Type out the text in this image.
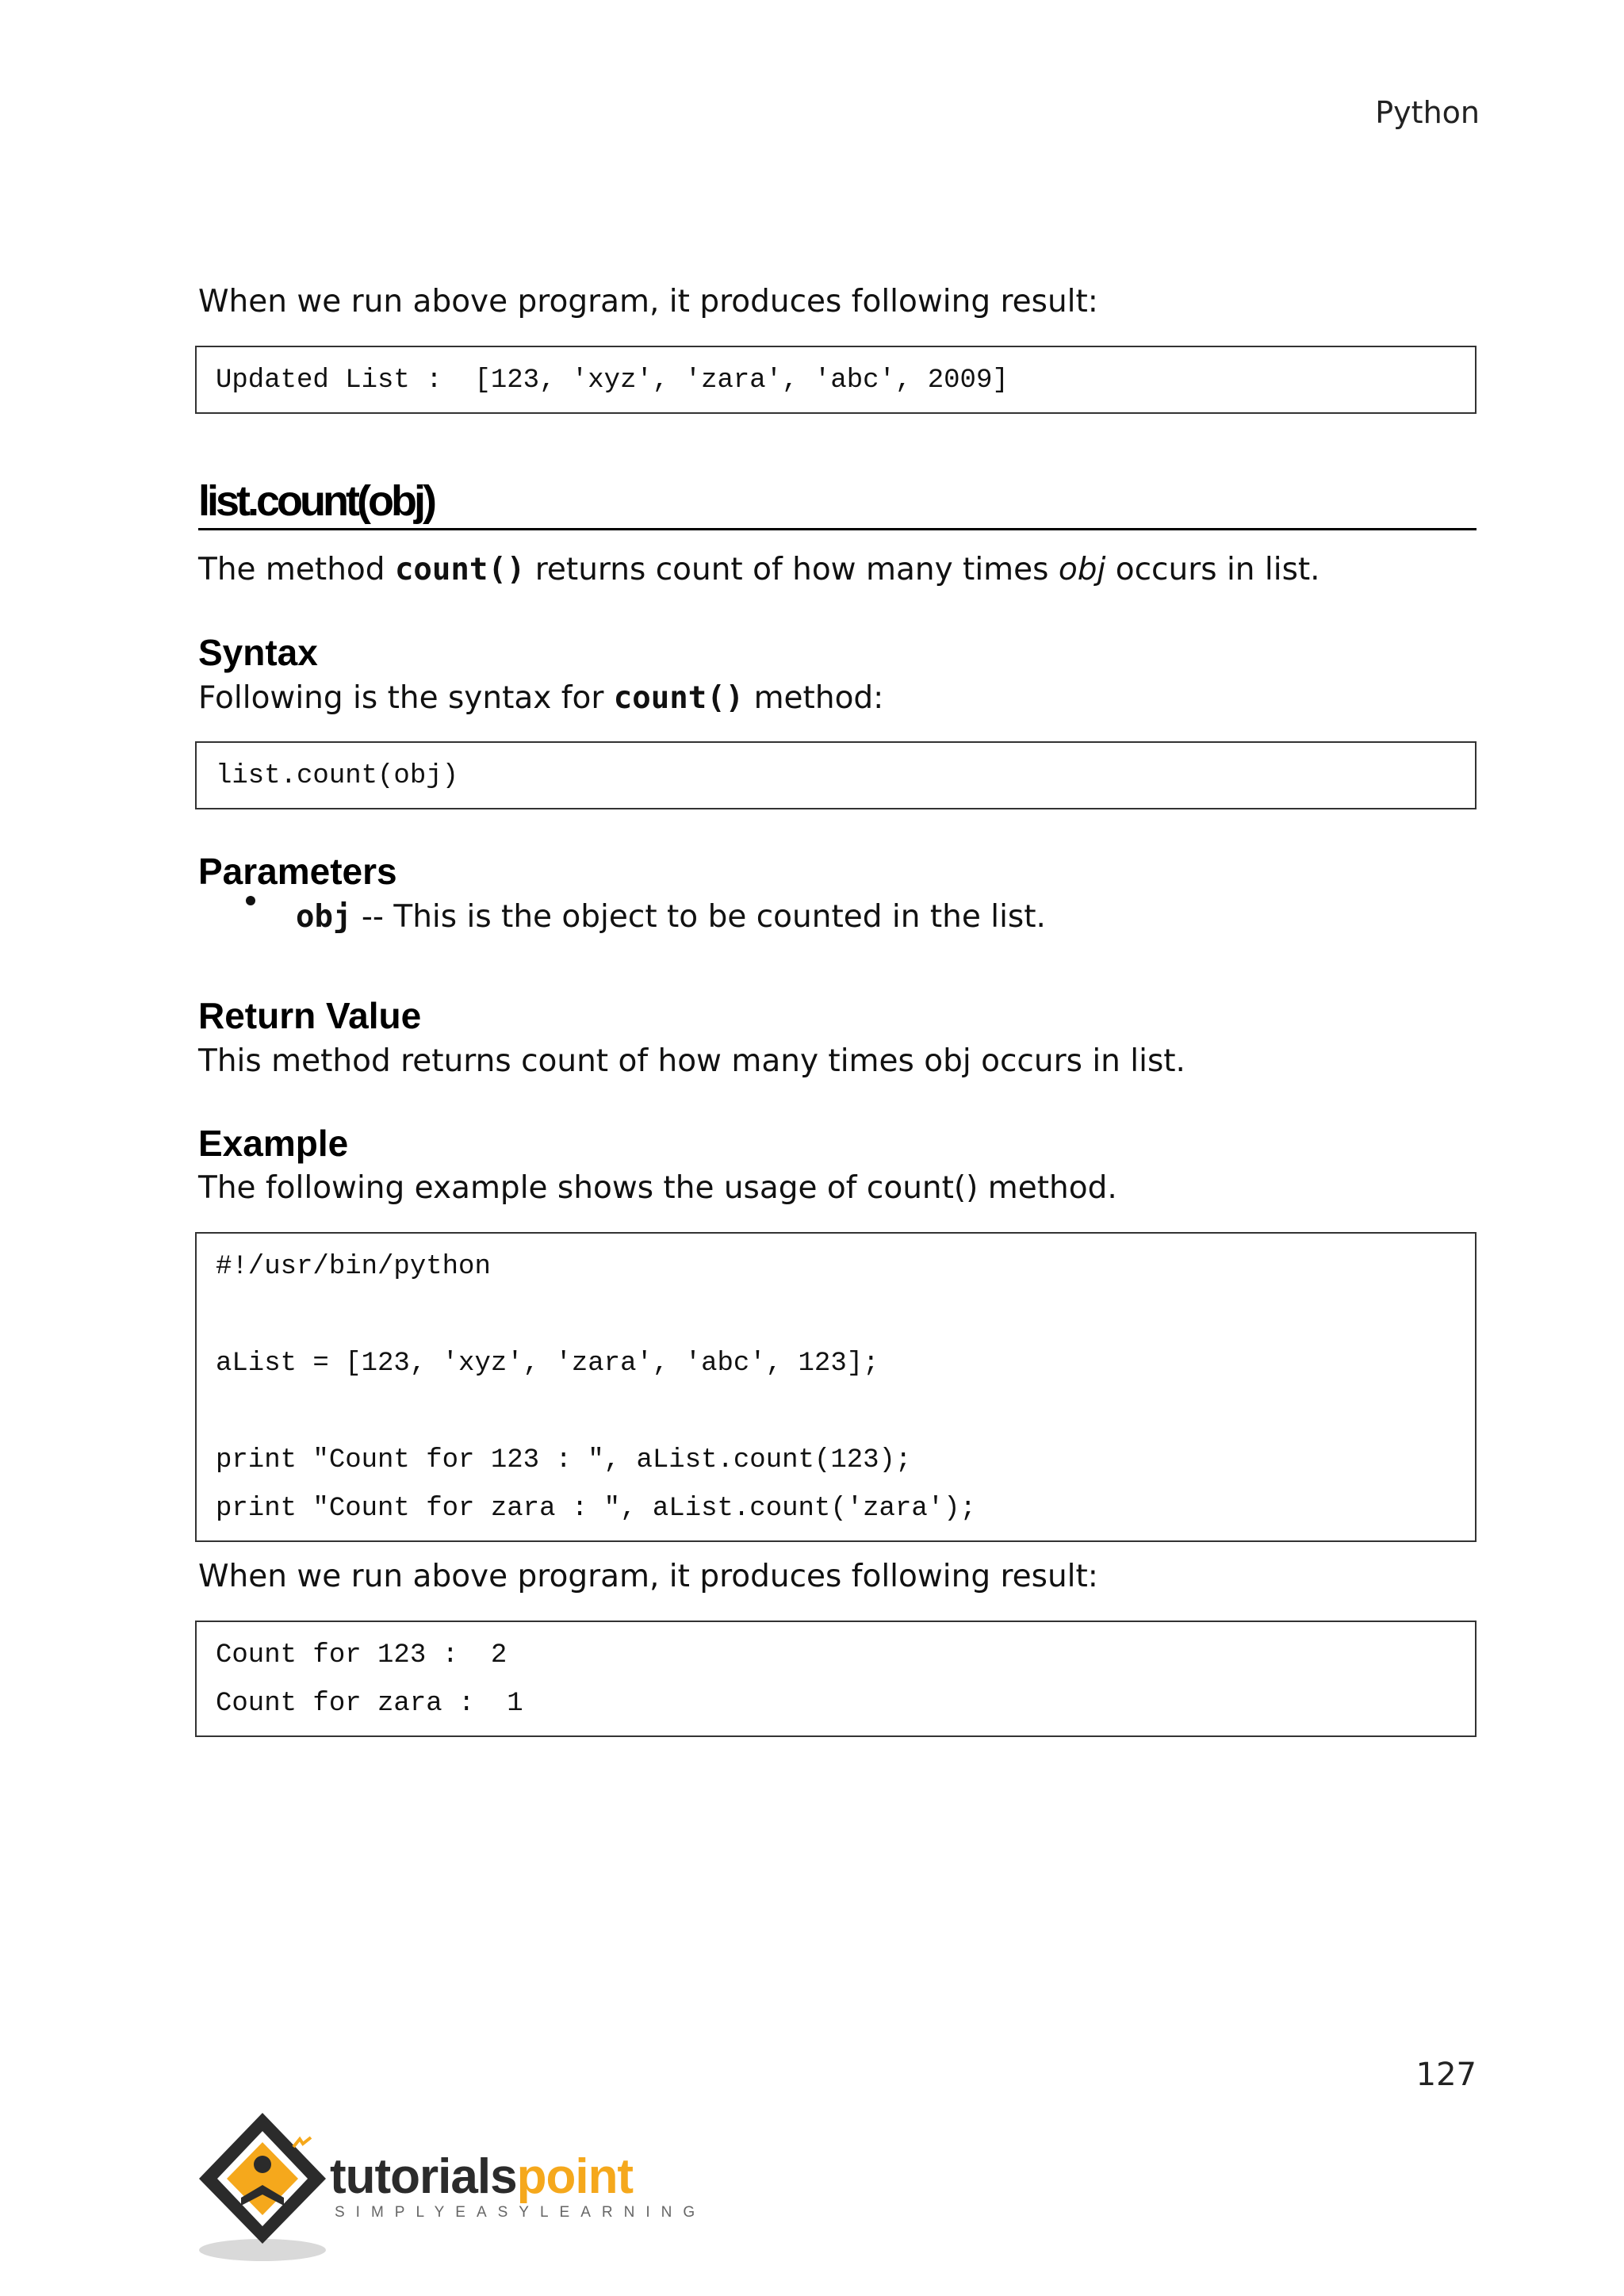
Python
When we run above program, it produces following result:
Updated List :  [123, 'xyz', 'zara', 'abc', 2009]
list.count(obj)
The method count() returns count of how many times obj occurs in list.
Syntax
Following is the syntax for count() method:
list.count(obj)
Parameters
obj -- This is the object to be counted in the list.
Return Value
This method returns count of how many times obj occurs in list.
Example
The following example shows the usage of count() method.
#!/usr/bin/python
aList = [123, 'xyz', 'zara', 'abc', 123];
print "Count for 123 : ", aList.count(123);
print "Count for zara : ", aList.count('zara');
When we run above program, it produces following result:
Count for 123 :  2
Count for zara :  1
127
tutorialspoint
SIMPLYEASYLEARNING
